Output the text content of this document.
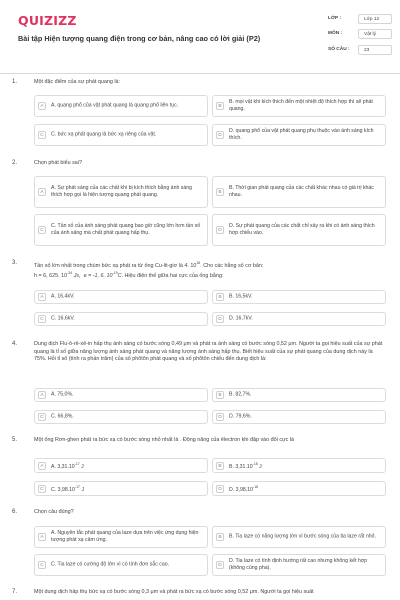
QUIZIZZ
Bài tập Hiện tượng quang điện trong cơ bản, nâng cao có lời giải (P2)
LỚP :	Lớp 12
MÔN :	Vật lý
SỐ CÂU :	23
1.	Một đặc điểm của sự phát quang là:
A	A. quang phổ của vật phát quang là quang phổ liên tục.	B
B. mọi vật khi kích thích đến một nhiệt độ thích hợp thì sẽ phát quang.
C	C. bức xạ phát quang là bức xạ riêng của vật.	D
D. quang phổ của vật phát quang phụ thuộc vào ánh sáng kích thích.
2.	Chọn phát biểu sai?
A
A. Sự phát sáng của các chất khi bị kích thích bằng ánh sáng thích hợp gọi là hiện tượng quang phát quang.	B
B. Thời gian phát quang của các chất khác nhau có giá trị khác nhau.
C
C. Tần số của ánh sáng phát quang bao giờ cũng lớn hơn tần số của ánh sáng mà chất phát quang hấp thụ.	D
D. Sự phát quang của các chất chỉ xảy ra khi có ánh sáng thích hợp chiếu vào.
3.	Tần số lớn nhất trong chùm bức xạ phát ra từ ống Cu-lit-giơ là 4. $10^{18}$. Cho các hằng số cơ bản:
h = 6, 625. $10^{-34}$ Js, e = -1, 6. $10^{-19}C$. Hiệu điện thế giữa hai cực của ống bằng:
A	A. 16,4kV.	B	B. 16,5kV.
C	C. 16,6kV.	D	D. 16,7kV.
4.	Dung dịch Flu-ô-rê-xê-in hấp thụ ánh sáng có bước sóng 0,49 μm và phát ra ánh sáng có bước sóng 0,52 μm. Người ta gọi hiệu suất của sự phát quang là tỉ số giữa năng lượng ánh sáng phát quang và năng lượng ánh sáng hấp thụ. Biết hiệu suất của sự phát quang của dung dịch này là 75%. Hỏi tỉ số (tính ra phần trăm) của số phôtôn phát quang và số phôtôn chiếu đến dung dịch là:
A	A. 75,0%.	B	B. 82,7%.
C	C. 66,8%.	D	D. 79,6%.
5.	Một ống Rơn-ghen phát ra bức xạ có bước sóng nhỏ nhất là . Động năng của êlectron khi đập vào đối cực là
A	A. $3,31.10^{-17}$ J	B	B. $3,31.10^{-18}$ J
C	C. $3,98.10^{-17}$ J	D	D. $3,98.10^{-18}$
6.	Chọn câu đúng?
A
A. Nguyên tắc phát quang của laze dựa trên việc ứng dụng hiện tượng phát xạ cảm ứng.	B	B. Tia laze có năng lượng lớn vì bước sóng của tia laze rất nhỏ.
C	C. Tia laze có cường độ lớn vì có tính đơn sắc cao.	D
D. Tia laze có tính định hướng rất cao nhưng không kết hợp (không cùng pha).
7.	Một dung dịch hấp thụ bức xạ có bước sóng 0,3 μm và phát ra bức xạ có bước sóng 0,52 μm. Người ta gọi hiệu suất
